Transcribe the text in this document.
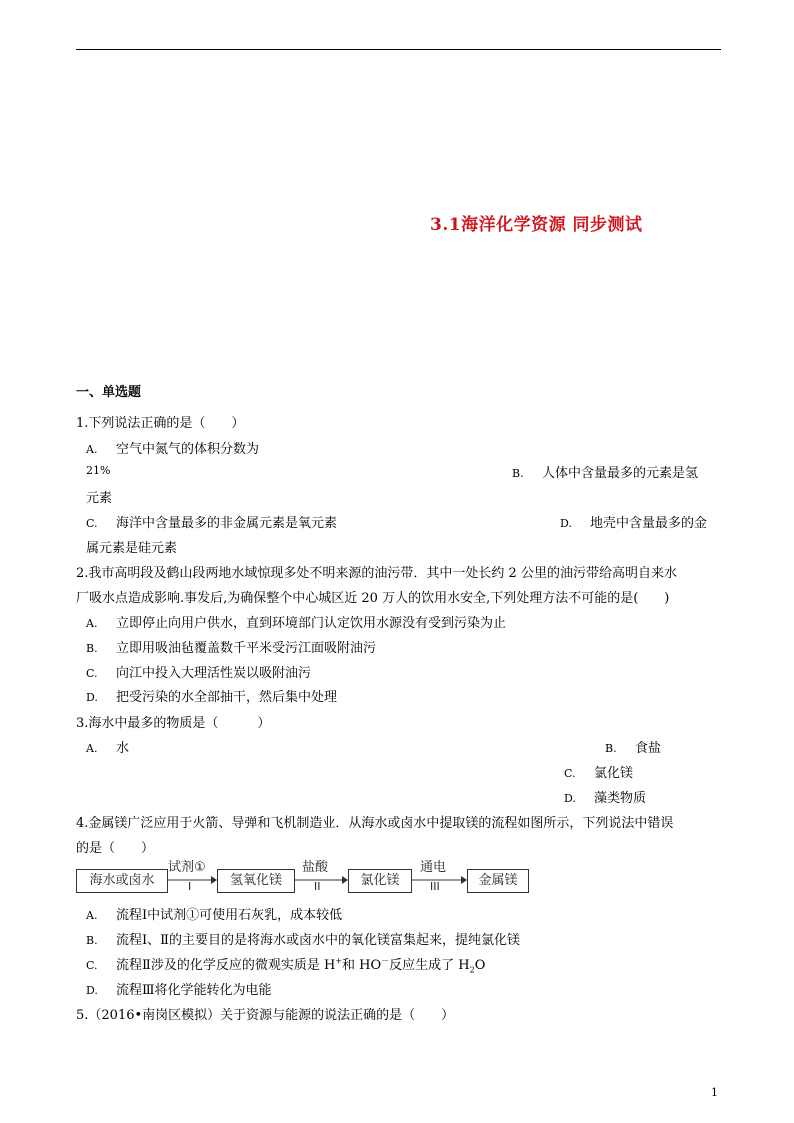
3.1海洋化学资源 同步测试
一、单选题
1.下列说法正确的是（　　）
A. 空气中氮气的体积分数为
21%	B. 人体中含量最多的元素是氢
元素
C. 海洋中含量最多的非金属元素是氧元素	D. 地壳中含量最多的金
属元素是硅元素
2.我市高明段及鹤山段两地水域惊现多处不明来源的油污带．其中一处长约 2 公里的油污带给高明自来水
厂吸水点造成影响.事发后,为确保整个中心城区近 20 万人的饮用水安全,下列处理方法不可能的是(　　)
A. 立即停止向用户供水，直到环境部门认定饮用水源没有受到污染为止
B. 立即用吸油毡覆盖数千平米受污江面吸附油污
C. 向江中投入大理活性炭以吸附油污
D. 把受污染的水全部抽干，然后集中处理
3.海水中最多的物质是（　　　）
A. 水	B. 食盐
C. 氯化镁
D. 藻类物质
4.金属镁广泛应用于火箭、导弹和飞机制造业．从海水或卤水中提取镁的流程如图所示，下列说法中错误
的是（　　）
海水或卤水
试剂①
I	氢氧化镁
盐酸
II	氯化镁
通电
III	金属镁
A. 流程Ⅰ中试剂①可使用石灰乳，成本较低
B. 流程Ⅰ、Ⅱ的主要目的是将海水或卤水中的氧化镁富集起来，提纯氯化镁
C. 流程Ⅱ涉及的化学反应的微观实质是 H+和 HO－反应生成了 $H_2O$
D. 流程Ⅲ将化学能转化为电能
5.（2016•南岗区模拟）关于资源与能源的说法正确的是（　　）
1
